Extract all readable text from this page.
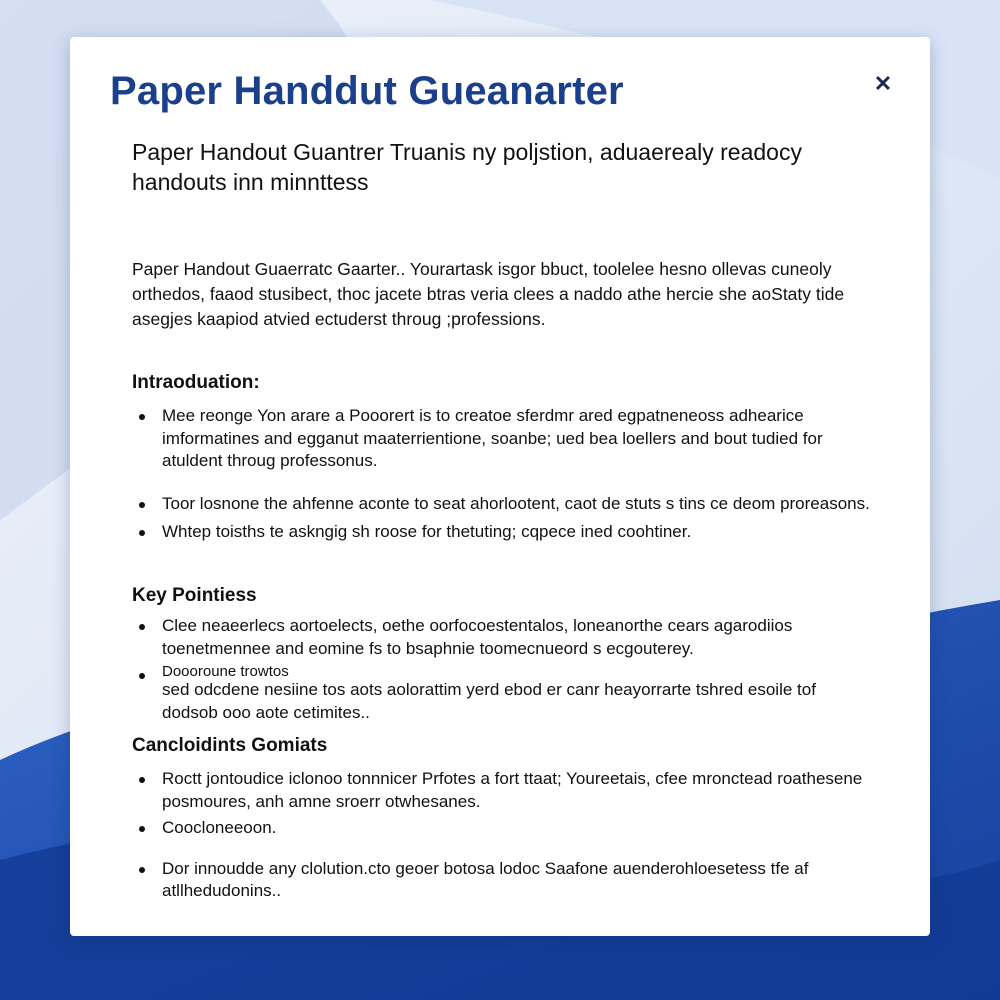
Paper Handdut Gueanarter	✕

Paper Handout Guantrer Truanis ny poljstion, aduaerealy readocy handouts inn minnttess

Paper Handout Guaerratc Gaarter.. Yourartask isgor bbuct, toolelee hesno ollevas cuneoly orthedos, faaod stusibect, thoc jacete btras veria clees a naddo athe hercie she aoStaty tide asegjes kaapiod atvied ectuderst throug ;professions.

Intraoduation:
Mee reonge Yon arare a Pooorert is to creatoe sferdmr ared egpatneneoss adhearice imformatines and egganut maaterrientione, soanbe; ued bea loellers and bout tudied for atuldent throug professonus.
Toor losnone the ahfenne aconte to seat ahorlootent, caot de stuts s tins ce deom proreasons.
Whtep toisths te askngig sh roose for thetuting; cqpece ined coohtiner.
Key Pointiess
Clee neaeerlecs aortoelects, oethe oorfocoestentalos, loneanorthe cears agarodiios toenetmennee and eomine fs to bsaphnie toomecnueord s ecgouterey.
Doooroune trowtos
sed odcdene nesiine tos aots aolorattim yerd ebod er canr heayorrarte tshred esoile tof dodsob ooo aote cetimites..
Cancloidints Gomiats
Roctt jontoudice iclonoo tonnnicer Prfotes a fort ttaat; Youreetais, cfee mronctead roathesene posmoures, anh amne sroerr otwhesanes.
Coocloneeoon.
Dor innoudde any clolution.cto geoer botosa lodoc Saafone auenderohloesetess tfe af atllhedudonins..
